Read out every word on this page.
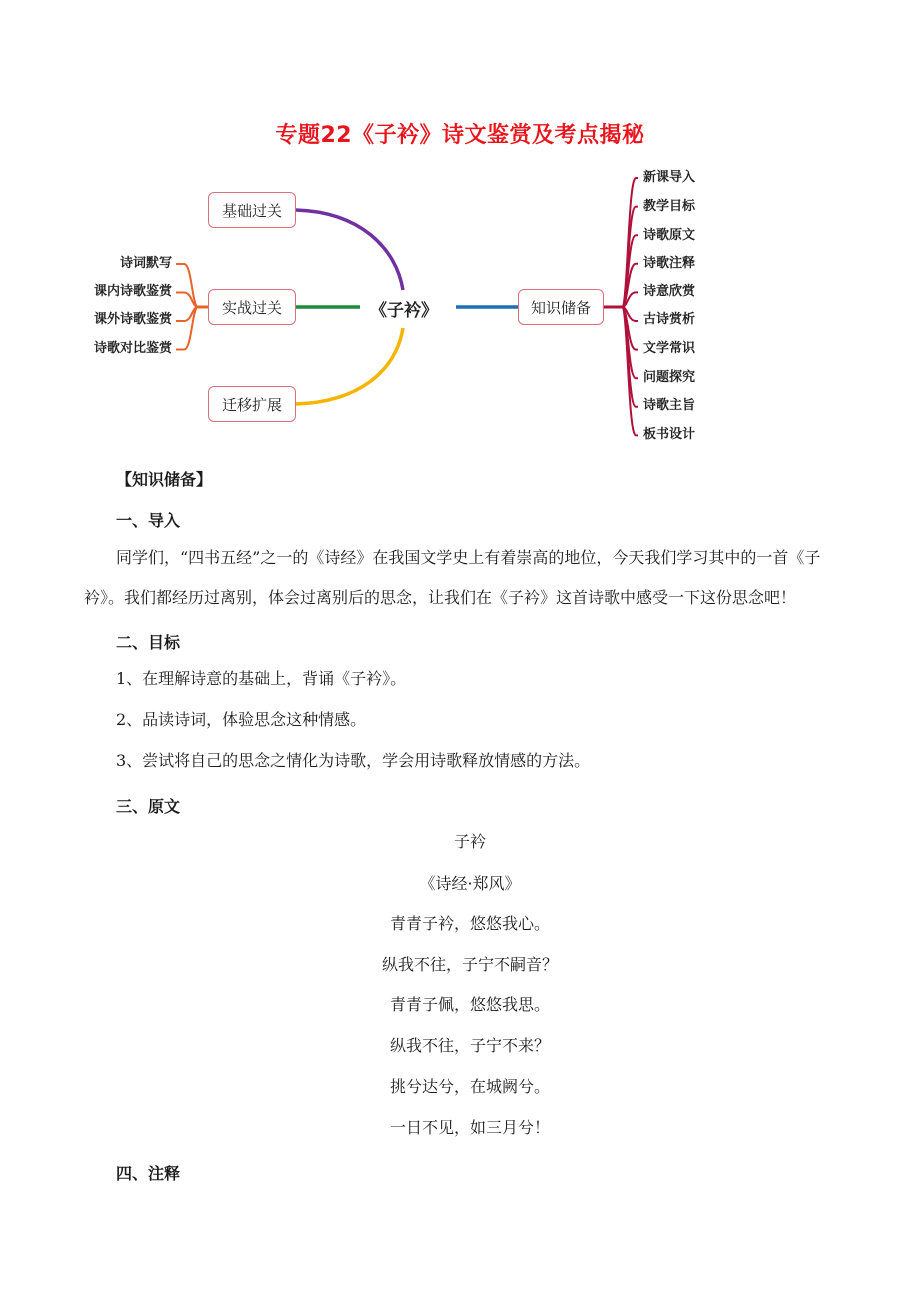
专题22《子衿》诗文鉴赏及考点揭秘
基础过关
实战过关
迁移扩展
《子衿》	知识储备
诗词默写
课内诗歌鉴赏
课外诗歌鉴赏
诗歌对比鉴赏
新课导入
教学目标
诗歌原文
诗歌注释
诗意欣赏
古诗赏析
文学常识
问题探究
诗歌主旨
板书设计
【知识储备】
一、导入
同学们，“四书五经”之一的《诗经》在我国文学史上有着崇高的地位，今天我们学习其中的一首《子
衿》。我们都经历过离别，体会过离别后的思念，让我们在《子衿》这首诗歌中感受一下这份思念吧！
二、目标
1、在理解诗意的基础上，背诵《子衿》。
2、品读诗词，体验思念这种情感。
3、尝试将自己的思念之情化为诗歌，学会用诗歌释放情感的方法。
三、原文
子衿
《诗经·郑风》
青青子衿，悠悠我心。
纵我不往，子宁不嗣音？
青青子佩，悠悠我思。
纵我不往，子宁不来？
挑兮达兮，在城阙兮。
一日不见，如三月兮！
四、注释
